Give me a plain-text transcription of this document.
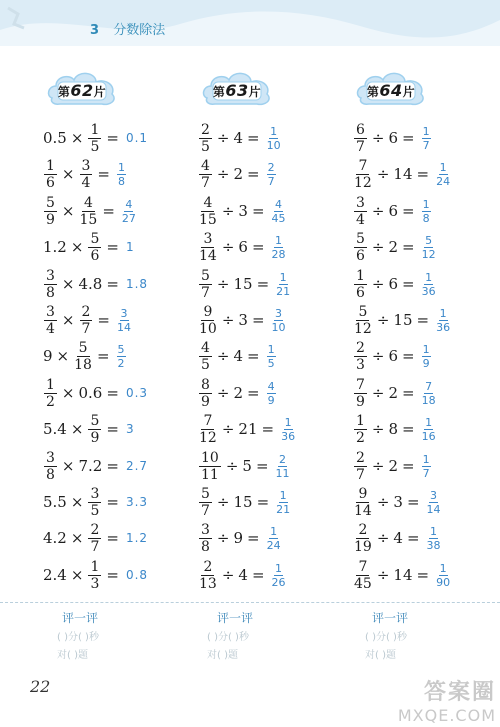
3 分数除法
第62片
$0.5 \times \frac{1}{5} = 0.1$
$\frac{1}{6} \times \frac{3}{4} = \frac{1}{8}$
$\frac{5}{9} \times \frac{4}{15} = \frac{4}{27}$
$1.2 \times \frac{5}{6} = 1$
$\frac{3}{8} \times 4.8 = 1.8$
$\frac{3}{4} \times \frac{2}{7} = \frac{3}{14}$
$9 \times \frac{5}{18} = \frac{5}{2}$
$\frac{1}{2} \times 0.6 = 0.3$
$5.4 \times \frac{5}{9} = 3$
$\frac{3}{8} \times 7.2 = 2.7$
$5.5 \times \frac{3}{5} = 3.3$
$4.2 \times \frac{2}{7} = 1.2$
$2.4 \times \frac{1}{3} = 0.8$
第63片
$\frac{2}{5} \div 4 = \frac{1}{10}$
$\frac{4}{7} \div 2 = \frac{2}{7}$
$\frac{4}{15} \div 3 = \frac{4}{45}$
$\frac{3}{14} \div 6 = \frac{1}{28}$
$\frac{5}{7} \div 15 = \frac{1}{21}$
$\frac{9}{10} \div 3 = \frac{3}{10}$
$\frac{4}{5} \div 4 = \frac{1}{5}$
$\frac{8}{9} \div 2 = \frac{4}{9}$
$\frac{7}{12} \div 21 = \frac{1}{36}$
$\frac{10}{11} \div 5 = \frac{2}{11}$
$\frac{5}{7} \div 15 = \frac{1}{21}$
$\frac{3}{8} \div 9 = \frac{1}{24}$
$\frac{2}{13} \div 4 = \frac{1}{26}$
第64片
$\frac{6}{7} \div 6 = \frac{1}{7}$
$\frac{7}{12} \div 14 = \frac{1}{24}$
$\frac{3}{4} \div 6 = \frac{1}{8}$
$\frac{5}{6} \div 2 = \frac{5}{12}$
$\frac{1}{6} \div 6 = \frac{1}{36}$
$\frac{5}{12} \div 15 = \frac{1}{36}$
$\frac{2}{3} \div 6 = \frac{1}{9}$
$\frac{7}{9} \div 2 = \frac{7}{18}$
$\frac{1}{2} \div 8 = \frac{1}{16}$
$\frac{2}{7} \div 2 = \frac{1}{7}$
$\frac{9}{14} \div 3 = \frac{3}{14}$
$\frac{2}{19} \div 4 = \frac{1}{38}$
$\frac{7}{45} \div 14 = \frac{1}{90}$
评一评	评一评	评一评
( )分( )秒
对( )题
( )分( )秒
对( )题
( )分( )秒
对( )题
22	答案圈
MXQE.COM
